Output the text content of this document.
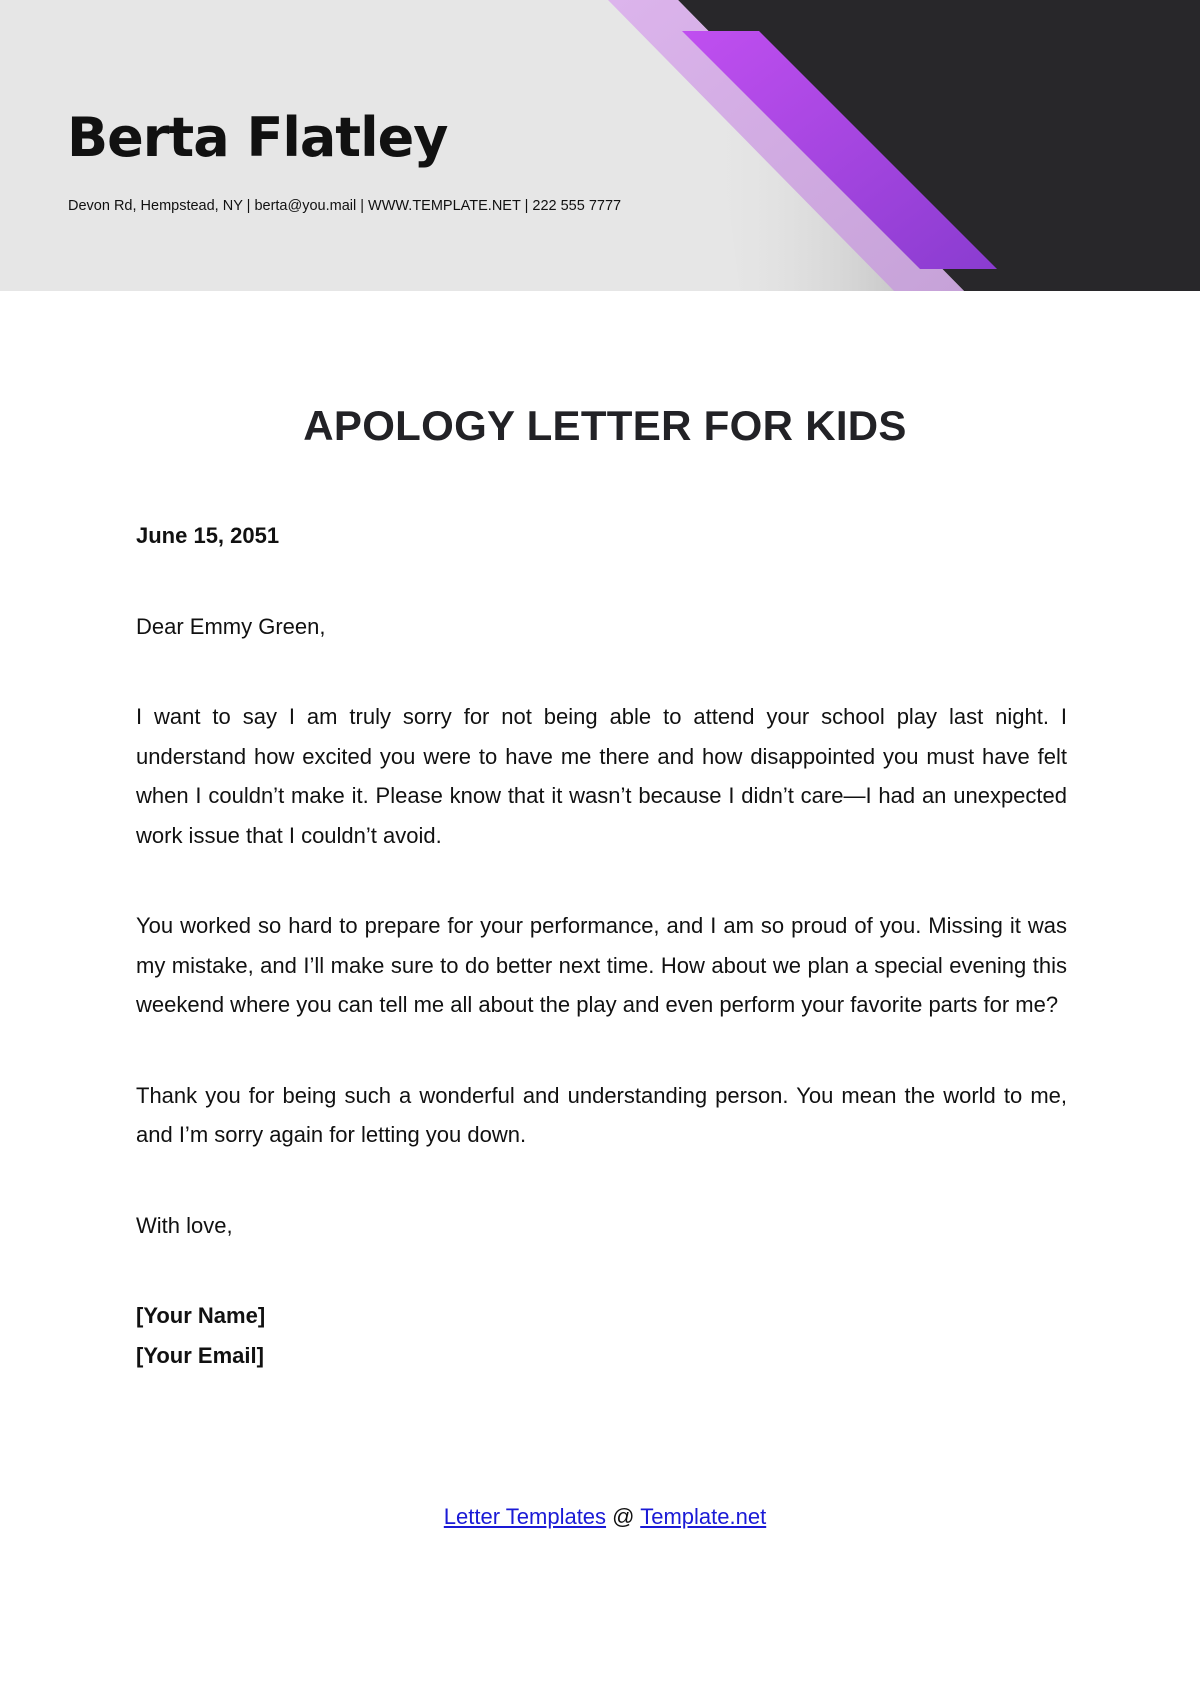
Berta Flatley

Devon Rd, Hempstead, NY | berta@you.mail | WWW.TEMPLATE.NET | 222 555 7777

APOLOGY LETTER FOR KIDS

June 15, 2051

Dear Emmy Green,

I want to say I am truly sorry for not being able to attend your school play last night. I understand how excited you were to have me there and how disappointed you must have felt when I couldn’t make it. Please know that it wasn’t because I didn’t care—I had an unexpected work issue that I couldn’t avoid.

You worked so hard to prepare for your performance, and I am so proud of you. Missing it was my mistake, and I’ll make sure to do better next time. How about we plan a special evening this weekend where you can tell me all about the play and even perform your favorite parts for me?

Thank you for being such a wonderful and understanding person. You mean the world to me, and I’m sorry again for letting you down.

With love,

[Your Name]

[Your Email]

Letter Templates @ Template.net
